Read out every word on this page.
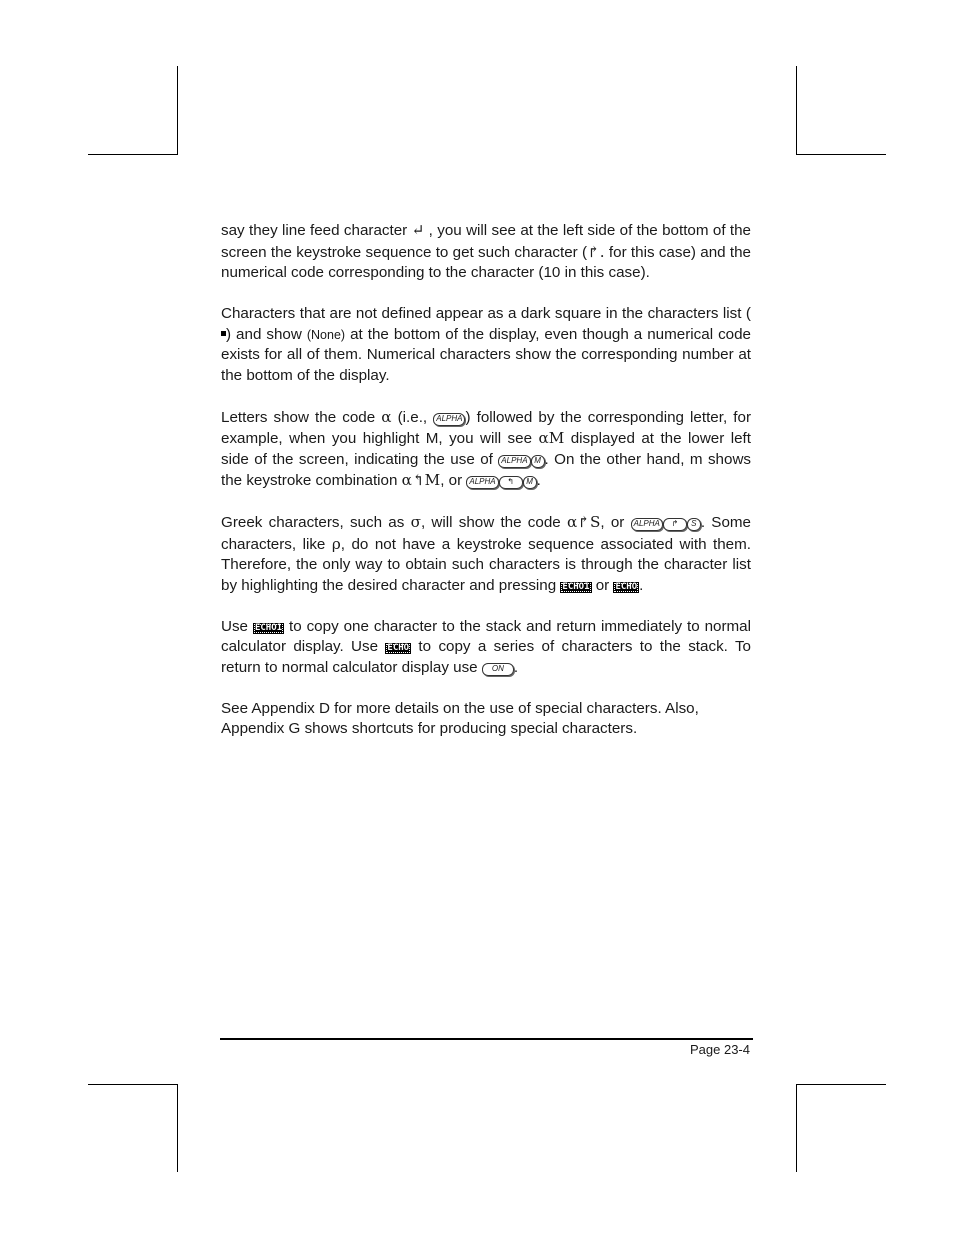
say they line feed character ↵ , you will see at the left side of the bottom of the screen the keystroke sequence to get such character (↱. for this case) and the numerical code corresponding to the character (10 in this case).

Characters that are not defined appear as a dark square in the characters list () and show (None) at the bottom of the display, even though a numerical code exists for all of them. Numerical characters show the corresponding number at the bottom of the display.

Letters show the code α (i.e., ALPHA ) followed by the corresponding letter, for example, when you highlight M, you will see αM displayed at the lower left side of the screen, indicating the use of ALPHA M . On the other hand, m shows the keystroke combination α↰M, or ALPHA ↰ M .

Greek characters, such as σ, will show the code α↱S, or ALPHA ↱ S . Some characters, like ρ, do not have a keystroke sequence associated with them. Therefore, the only way to obtain such characters is through the character list by highlighting the desired character and pressing ECHO1 or ECHO .

Use ECHO1 to copy one character to the stack and return immediately to normal calculator display. Use ECHO to copy a series of characters to the stack. To return to normal calculator display use ON .

See Appendix D for more details on the use of special characters. Also, Appendix G shows shortcuts for producing special characters.

Page 23-4
